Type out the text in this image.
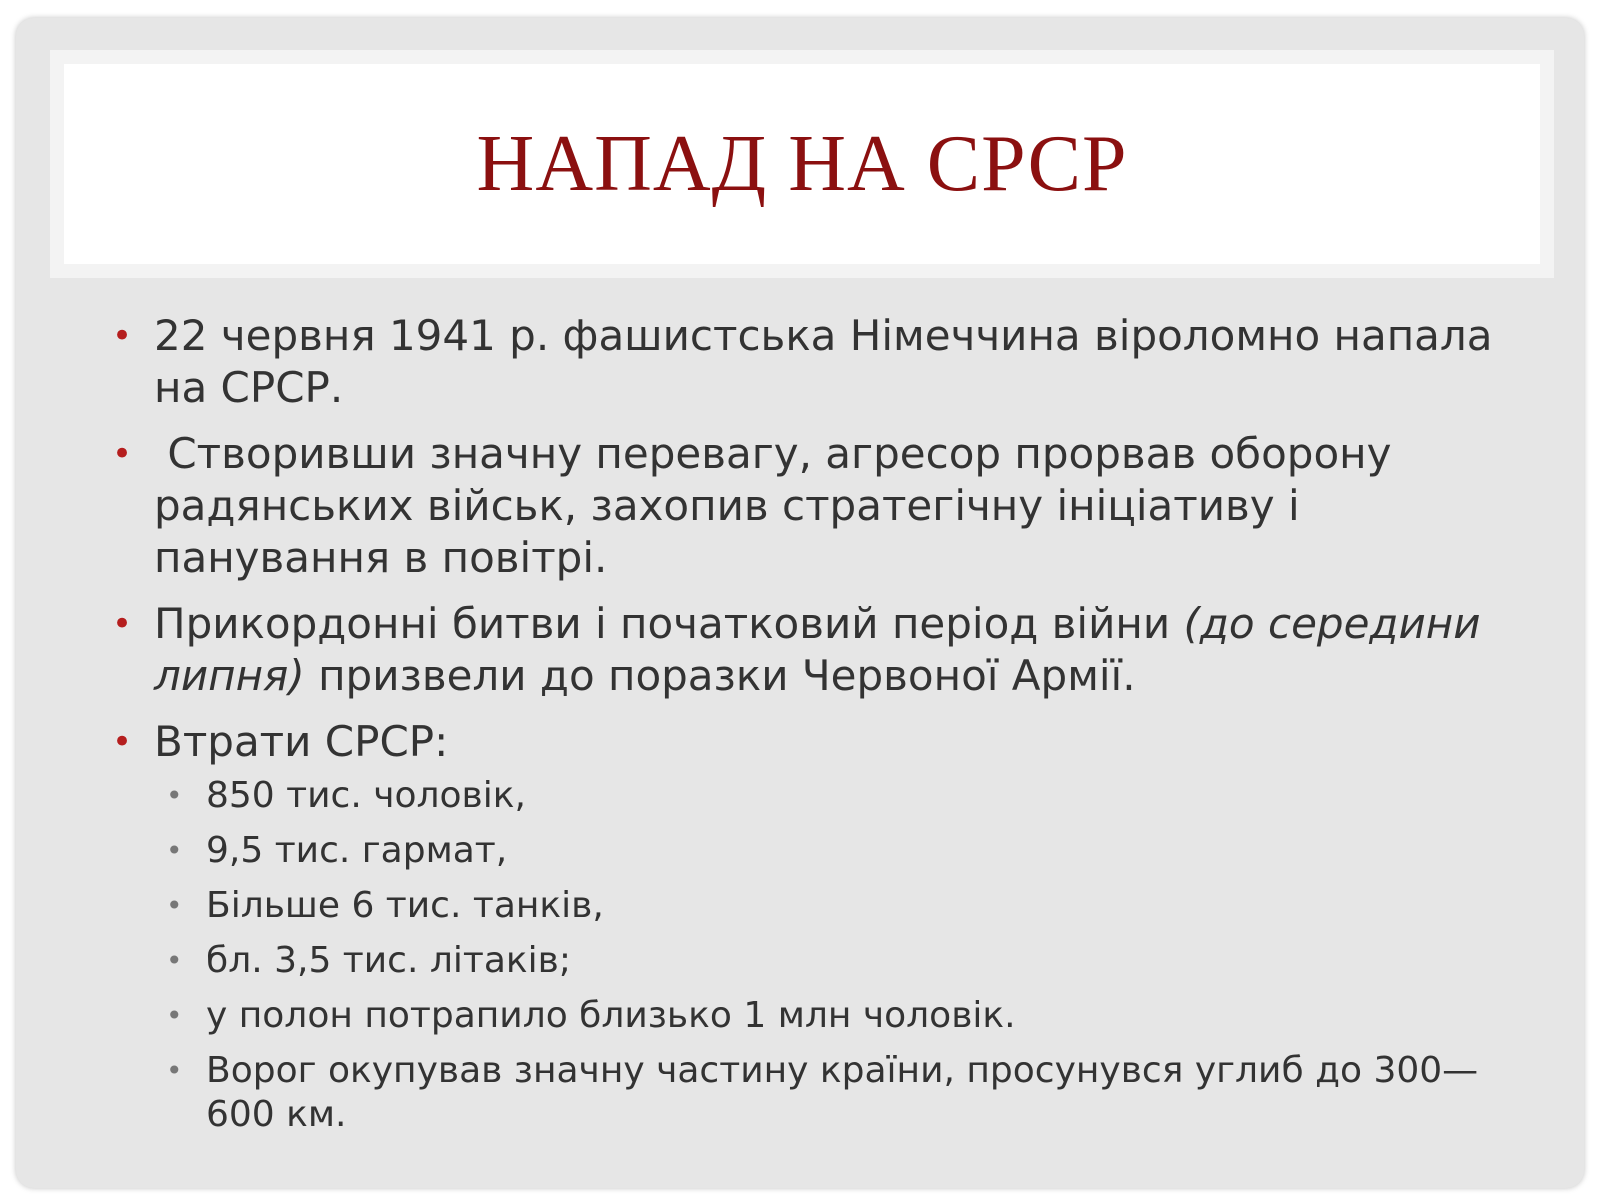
НАПАД НА СРСР
• 22 червня 1941 р. фашистська Німеччина віроломно напала на СРСР.
• Створивши значну перевагу, агресор прорвав оборону радянських військ, захопив стратегічну ініціативу і панування в повітрі.
• Прикордонні битви і початковий період війни (до середини липня) призвели до поразки Червоної Армії.
• Втрати СРСР:
• 850 тис. чоловік,
• 9,5 тис. гармат,
• Більше 6 тис. танків,
• бл. 3,5 тис. літаків;
• у полон потрапило близько 1 млн чоловік.
• Ворог окупував значну частину країни, просунувся углиб до 300— 600 км.
